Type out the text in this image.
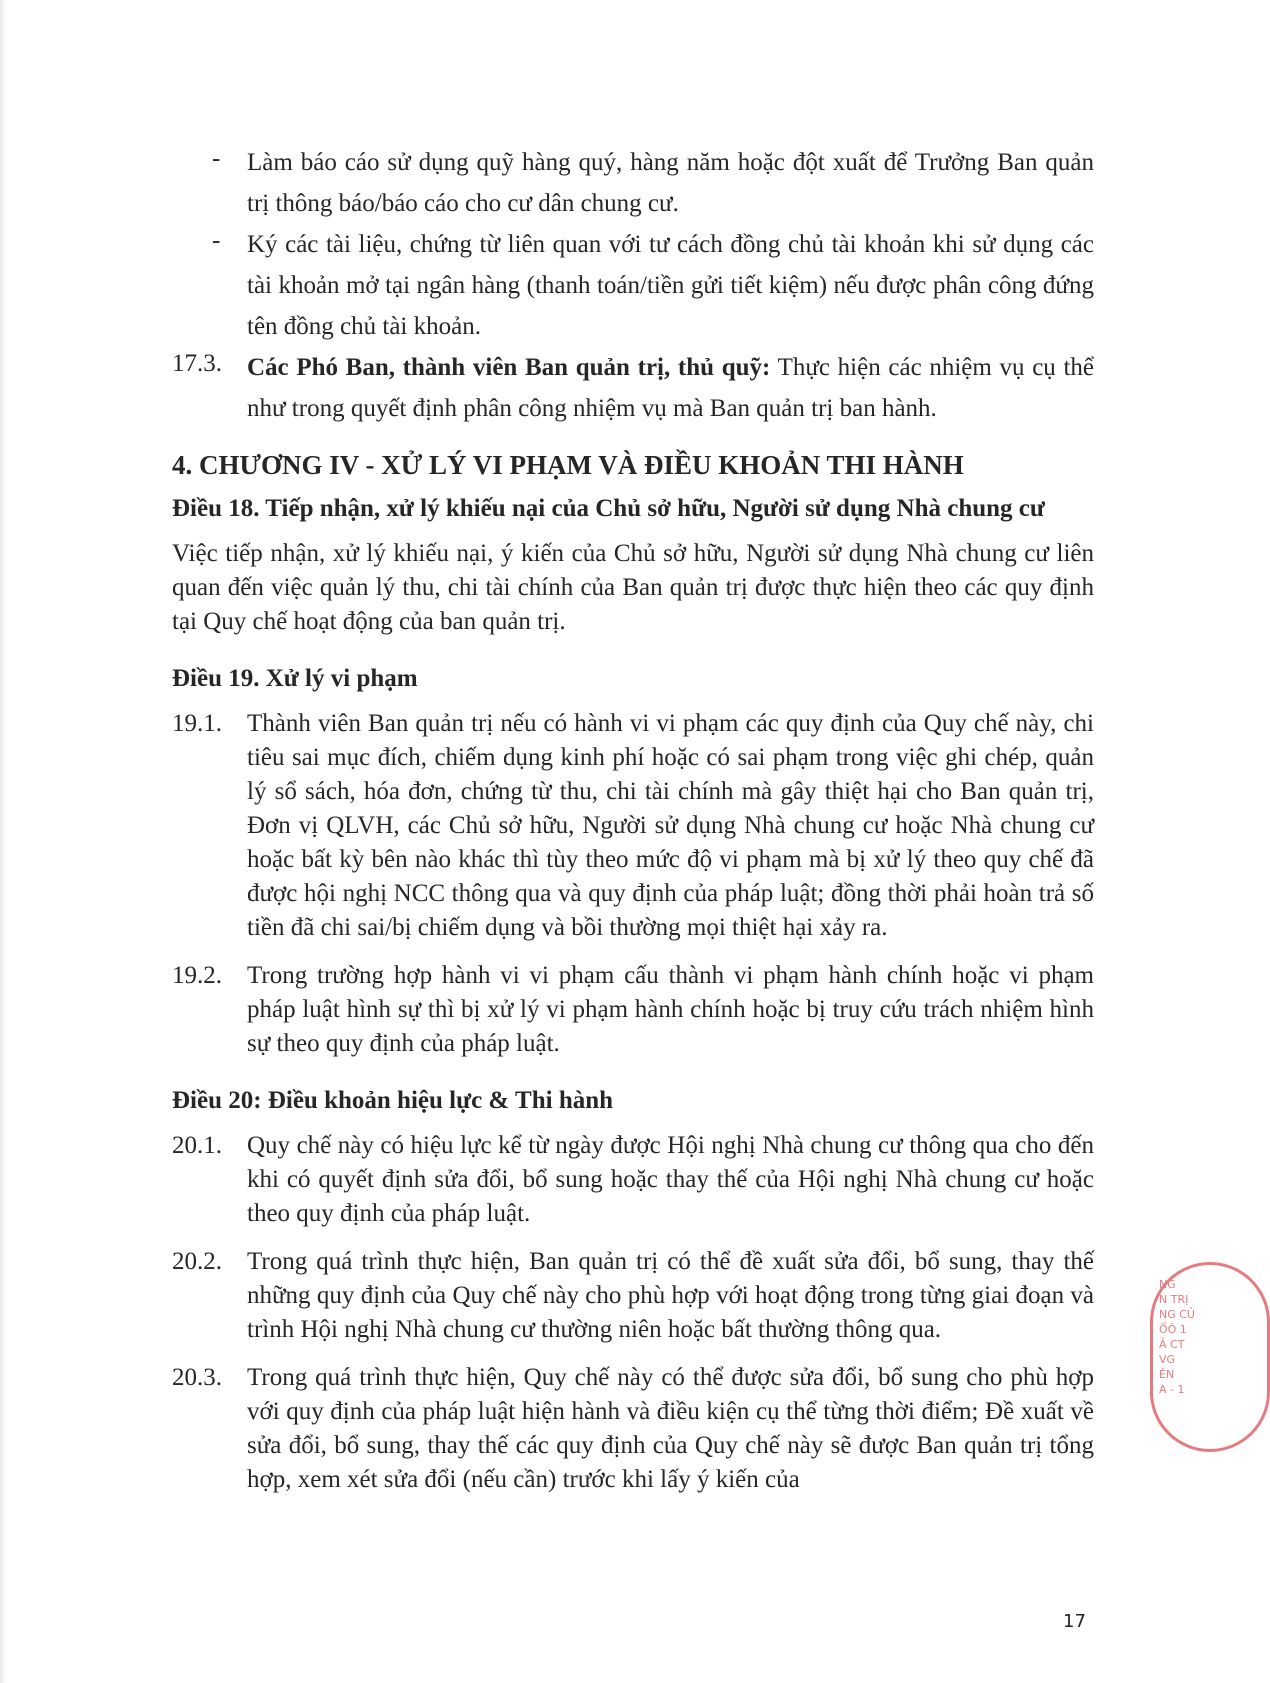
- Làm báo cáo sử dụng quỹ hàng quý, hàng năm hoặc đột xuất để Trưởng Ban quản trị thông báo/báo cáo cho cư dân chung cư.
- Ký các tài liệu, chứng từ liên quan với tư cách đồng chủ tài khoản khi sử dụng các tài khoản mở tại ngân hàng (thanh toán/tiền gửi tiết kiệm) nếu được phân công đứng tên đồng chủ tài khoản.
17.3. Các Phó Ban, thành viên Ban quản trị, thủ quỹ: Thực hiện các nhiệm vụ cụ thể như trong quyết định phân công nhiệm vụ mà Ban quản trị ban hành.
4. CHƯƠNG IV - XỬ LÝ VI PHẠM VÀ ĐIỀU KHOẢN THI HÀNH
Điều 18. Tiếp nhận, xử lý khiếu nại của Chủ sở hữu, Người sử dụng Nhà chung cư
Việc tiếp nhận, xử lý khiếu nại, ý kiến của Chủ sở hữu, Người sử dụng Nhà chung cư liên quan đến việc quản lý thu, chi tài chính của Ban quản trị được thực hiện theo các quy định tại Quy chế hoạt động của ban quản trị.
Điều 19. Xử lý vi phạm
19.1. Thành viên Ban quản trị nếu có hành vi vi phạm các quy định của Quy chế này, chi tiêu sai mục đích, chiếm dụng kinh phí hoặc có sai phạm trong việc ghi chép, quản lý sổ sách, hóa đơn, chứng từ thu, chi tài chính mà gây thiệt hại cho Ban quản trị, Đơn vị QLVH, các Chủ sở hữu, Người sử dụng Nhà chung cư hoặc Nhà chung cư hoặc bất kỳ bên nào khác thì tùy theo mức độ vi phạm mà bị xử lý theo quy chế đã được hội nghị NCC thông qua và quy định của pháp luật; đồng thời phải hoàn trả số tiền đã chi sai/bị chiếm dụng và bồi thường mọi thiệt hại xảy ra.
19.2. Trong trường hợp hành vi vi phạm cấu thành vi phạm hành chính hoặc vi phạm pháp luật hình sự thì bị xử lý vi phạm hành chính hoặc bị truy cứu trách nhiệm hình sự theo quy định của pháp luật.
Điều 20: Điều khoản hiệu lực & Thi hành
20.1. Quy chế này có hiệu lực kể từ ngày được Hội nghị Nhà chung cư thông qua cho đến khi có quyết định sửa đổi, bổ sung hoặc thay thế của Hội nghị Nhà chung cư hoặc theo quy định của pháp luật.
20.2. Trong quá trình thực hiện, Ban quản trị có thể đề xuất sửa đổi, bổ sung, thay thế những quy định của Quy chế này cho phù hợp với hoạt động trong từng giai đoạn và trình Hội nghị Nhà chung cư thường niên hoặc bất thường thông qua.
20.3. Trong quá trình thực hiện, Quy chế này có thể được sửa đổi, bổ sung cho phù hợp với quy định của pháp luật hiện hành và điều kiện cụ thể từng thời điểm; Đề xuất về sửa đổi, bổ sung, thay thế các quy định của Quy chế này sẽ được Ban quản trị tổng hợp, xem xét sửa đổi (nếu cần) trước khi lấy ý kiến của
NG
N TRỊ
NG CỦ
ỐÔ 1
Ả CT
VG
ÊN
A - 1
17
